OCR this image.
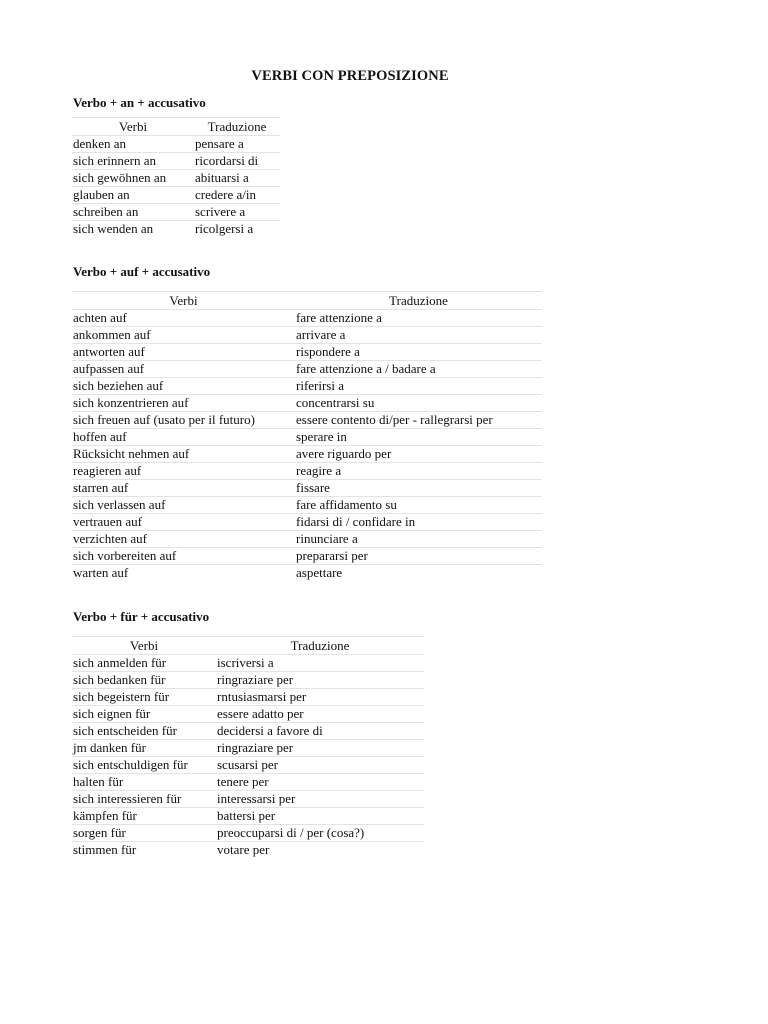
VERBI CON PREPOSIZIONE
Verbo + an + accusativo
Verbi	Traduzione
denken an	pensare a
sich erinnern an	ricordarsi di
sich gewöhnen an	abituarsi a
glauben an	credere a/in
schreiben an	scrivere a
sich wenden an	ricolgersi a
Verbo + auf + accusativo
Verbi	Traduzione
achten auf	fare attenzione a
ankommen auf	arrivare a
antworten auf	rispondere a
aufpassen auf	fare attenzione a / badare a
sich beziehen auf	riferirsi a
sich konzentrieren auf	concentrarsi su
sich freuen auf (usato per il futuro)	essere contento di/per - rallegrarsi per
hoffen auf	sperare in
Rücksicht nehmen auf	avere riguardo per
reagieren auf	reagire a
starren auf	fissare
sich verlassen auf	fare affidamento su
vertrauen auf	fidarsi di / confidare in
verzichten auf	rinunciare a
sich vorbereiten auf	prepararsi per
warten auf	aspettare
Verbo + für + accusativo
Verbi	Traduzione
sich anmelden für	iscriversi a
sich bedanken für	ringraziare per
sich begeistern für	rntusiasmarsi per
sich eignen für	essere adatto per
sich entscheiden für	decidersi a favore di
jm danken für	ringraziare per
sich entschuldigen für	scusarsi per
halten für	tenere per
sich interessieren für	interessarsi per
kämpfen für	battersi per
sorgen für	preoccuparsi di / per (cosa?)
stimmen für	votare per
